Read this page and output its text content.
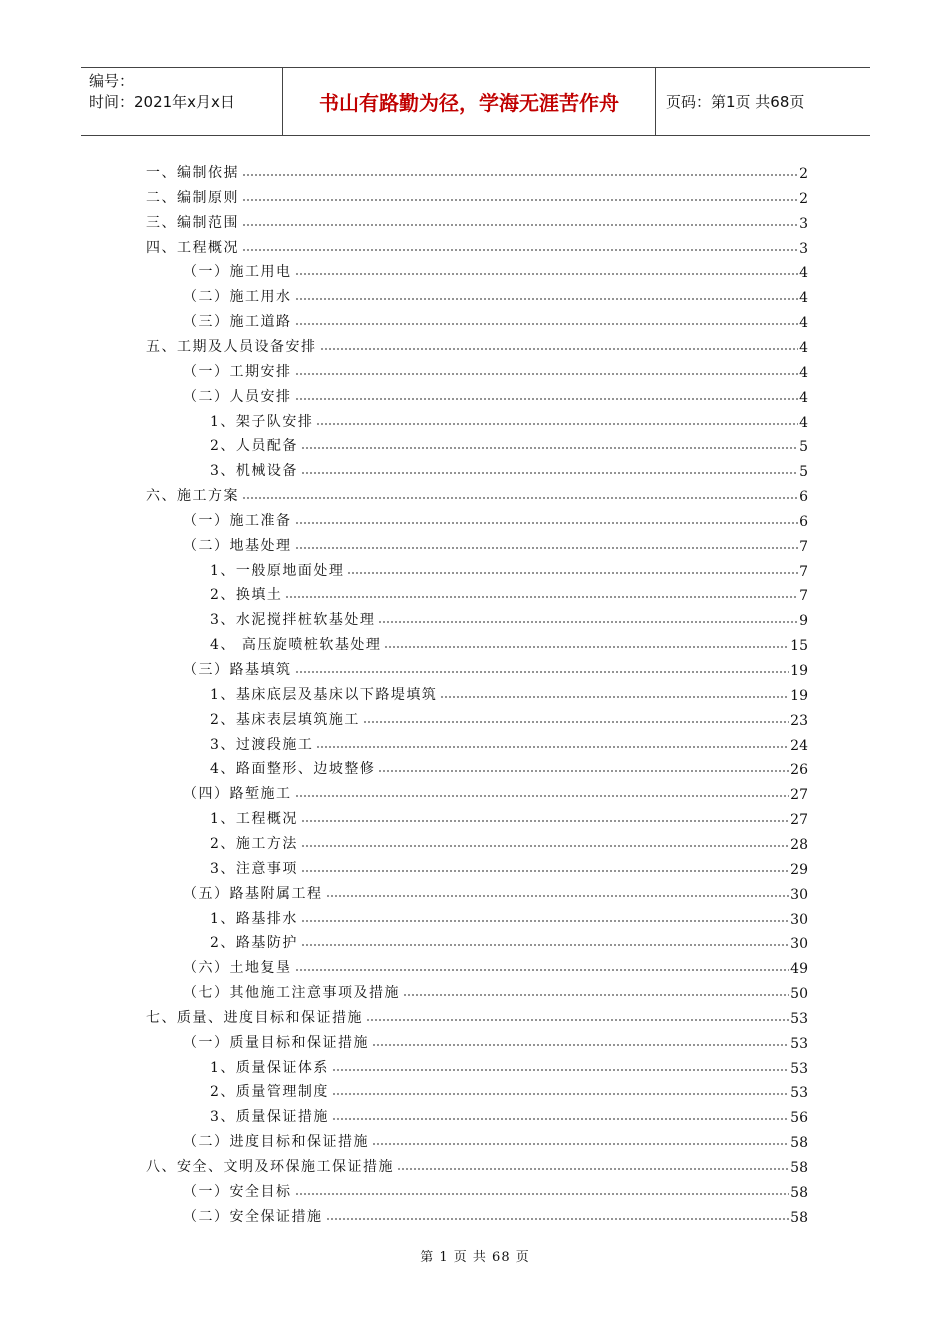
编号：
时间：2021年x月x日	书山有路勤为径，学海无涯苦作舟	页码：第1页 共68页
一、编制依据	2
二、编制原则	2
三、编制范围	3
四、工程概况	3
（一）施工用电	4
（二）施工用水	4
（三）施工道路	4
五、工期及人员设备安排	4
（一）工期安排	4
（二）人员安排	4
1、架子队安排	4
2、人员配备	5
3、机械设备	5
六、施工方案	6
（一）施工准备	6
（二）地基处理	7
1、一般原地面处理	7
2、换填土	7
3、水泥搅拌桩软基处理	9
4、 高压旋喷桩软基处理	15
（三）路基填筑	19
1、基床底层及基床以下路堤填筑	19
2、基床表层填筑施工	23
3、过渡段施工	24
4、路面整形、边坡整修	26
（四）路堑施工	27
1、工程概况	27
2、施工方法	28
3、注意事项	29
（五）路基附属工程	30
1、路基排水	30
2、路基防护	30
（六）土地复垦	49
（七）其他施工注意事项及措施	50
七、质量、进度目标和保证措施	53
（一）质量目标和保证措施	53
1、质量保证体系	53
2、质量管理制度	53
3、质量保证措施	56
（二）进度目标和保证措施	58
八、安全、文明及环保施工保证措施	58
（一）安全目标	58
（二）安全保证措施	58
第 1 页 共 68 页
